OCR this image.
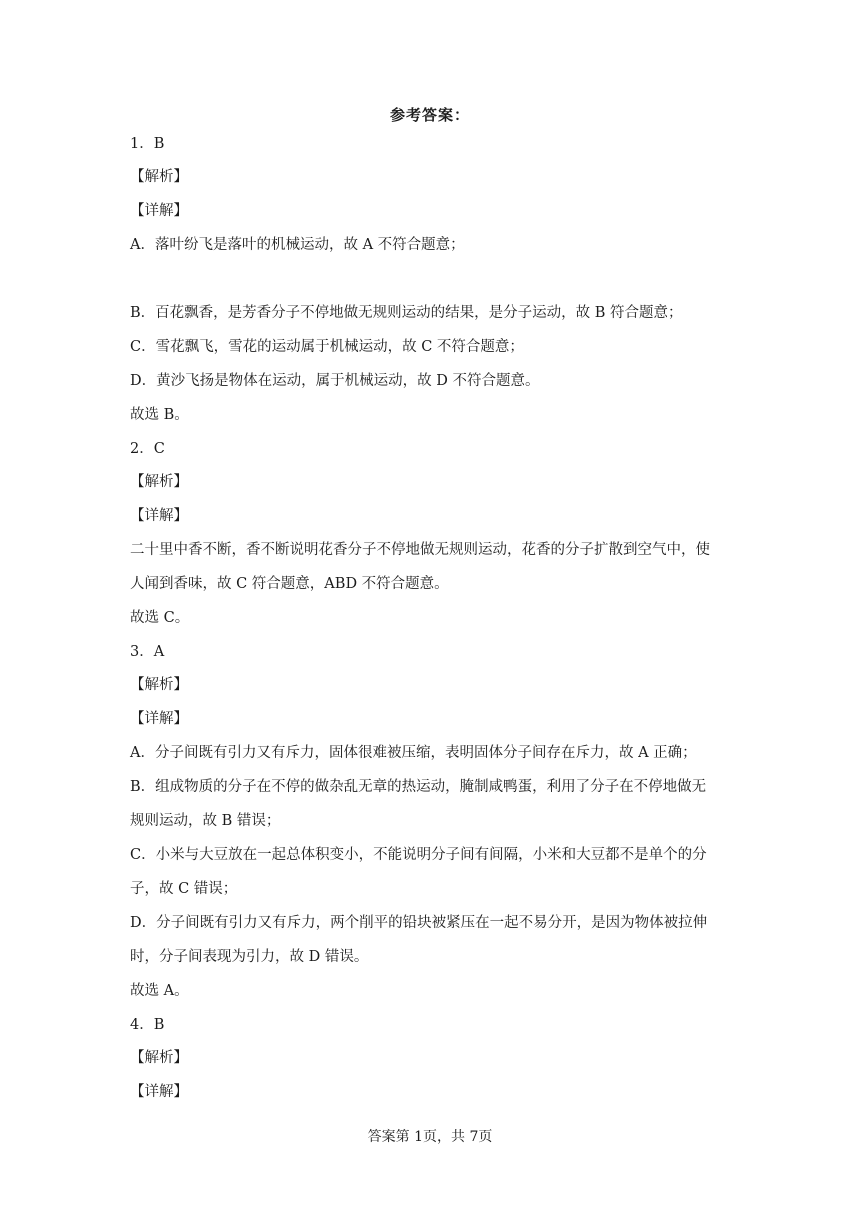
参考答案：
1．B
【解析】
【详解】
A．落叶纷飞是落叶的机械运动，故 A 不符合题意；
B．百花飘香，是芳香分子不停地做无规则运动的结果，是分子运动，故 B 符合题意；
C．雪花飘飞，雪花的运动属于机械运动，故 C 不符合题意；
D．黄沙飞扬是物体在运动，属于机械运动，故 D 不符合题意。
故选 B。
2．C
【解析】
【详解】
二十里中香不断，香不断说明花香分子不停地做无规则运动，花香的分子扩散到空气中，使
人闻到香味，故 C 符合题意，ABD 不符合题意。
故选 C。
3．A
【解析】
【详解】
A．分子间既有引力又有斥力，固体很难被压缩，表明固体分子间存在斥力，故 A 正确；
B．组成物质的分子在不停的做杂乱无章的热运动，腌制咸鸭蛋，利用了分子在不停地做无
规则运动，故 B 错误；
C．小米与大豆放在一起总体积变小，不能说明分子间有间隔，小米和大豆都不是单个的分
子，故 C 错误；
D．分子间既有引力又有斥力，两个削平的铅块被紧压在一起不易分开，是因为物体被拉伸
时，分子间表现为引力，故 D 错误。
故选 A。
4．B
【解析】
【详解】
答案第 1页，共 7页
